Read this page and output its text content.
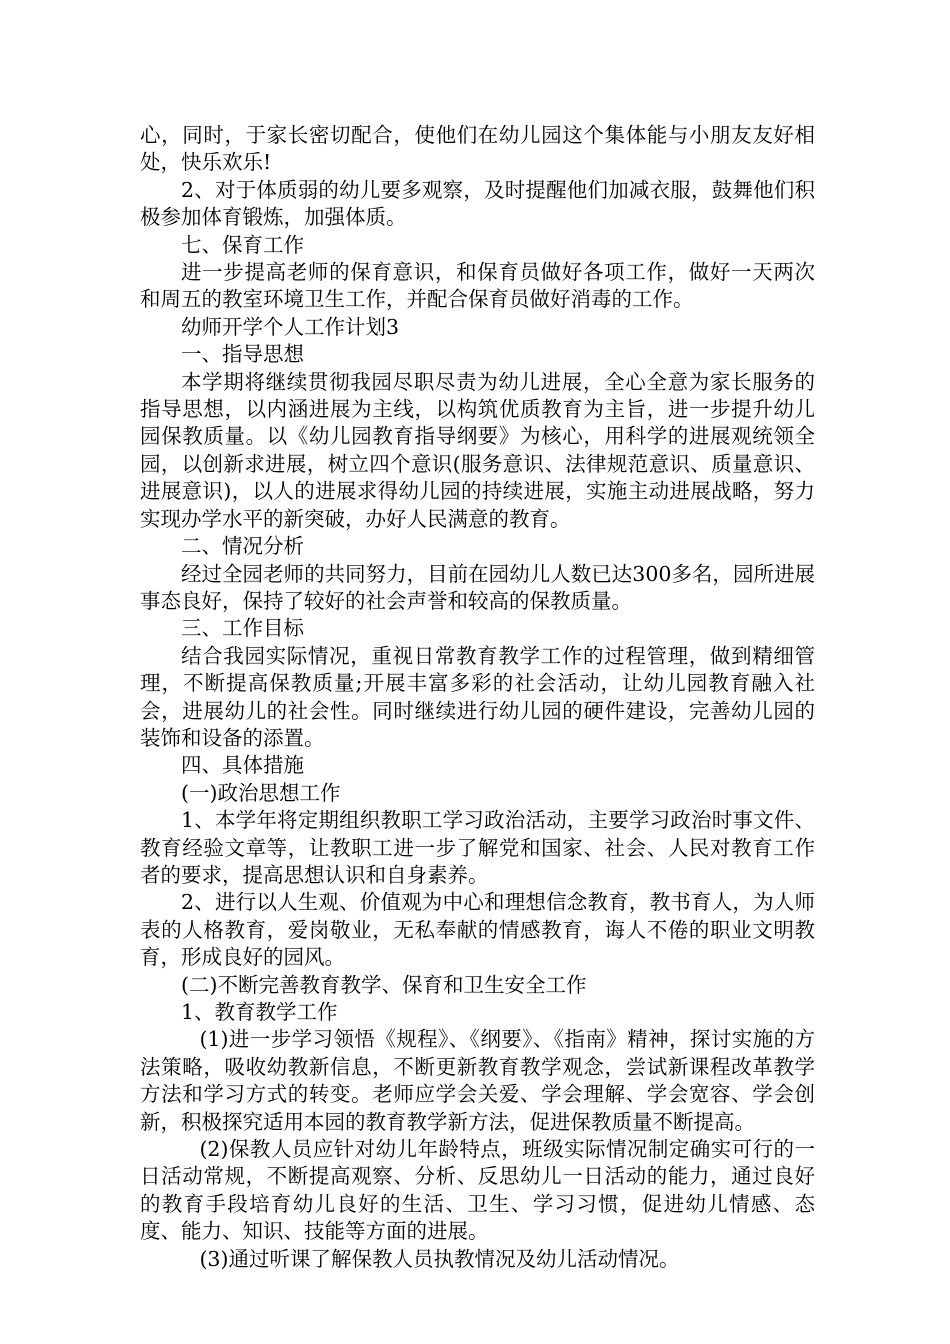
心，同时，于家长密切配合，使他们在幼儿园这个集体能与小朋友友好相处，快乐欢乐!

2、对于体质弱的幼儿要多观察，及时提醒他们加减衣服，鼓舞他们积极参加体育锻炼，加强体质。

七、保育工作

进一步提高老师的保育意识，和保育员做好各项工作，做好一天两次和周五的教室环境卫生工作，并配合保育员做好消毒的工作。

幼师开学个人工作计划3

一、指导思想

本学期将继续贯彻我园尽职尽责为幼儿进展，全心全意为家长服务的指导思想，以内涵进展为主线，以构筑优质教育为主旨，进一步提升幼儿园保教质量。以《幼儿园教育指导纲要》为核心，用科学的进展观统领全园，以创新求进展，树立四个意识(服务意识、法律规范意识、质量意识、进展意识)，以人的进展求得幼儿园的持续进展，实施主动进展战略，努力实现办学水平的新突破，办好人民满意的教育。

二、情况分析

经过全园老师的共同努力，目前在园幼儿人数已达300多名，园所进展事态良好，保持了较好的社会声誉和较高的保教质量。

三、工作目标

结合我园实际情况，重视日常教育教学工作的过程管理，做到精细管理，不断提高保教质量;开展丰富多彩的社会活动，让幼儿园教育融入社会，进展幼儿的社会性。同时继续进行幼儿园的硬件建设，完善幼儿园的装饰和设备的添置。

四、具体措施

(一)政治思想工作

1、本学年将定期组织教职工学习政治活动，主要学习政治时事文件、教育经验文章等，让教职工进一步了解党和国家、社会、人民对教育工作者的要求，提高思想认识和自身素养。

2、进行以人生观、价值观为中心和理想信念教育，教书育人，为人师表的人格教育，爱岗敬业，无私奉献的情感教育，诲人不倦的职业文明教育，形成良好的园风。

(二)不断完善教育教学、保育和卫生安全工作

1、教育教学工作

(1)进一步学习领悟《规程》、《纲要》、《指南》精神，探讨实施的方法策略，吸收幼教新信息，不断更新教育教学观念，尝试新课程改革教学方法和学习方式的转变。老师应学会关爱、学会理解、学会宽容、学会创新，积极探究适用本园的教育教学新方法，促进保教质量不断提高。

(2)保教人员应针对幼儿年龄特点，班级实际情况制定确实可行的一日活动常规，不断提高观察、分析、反思幼儿一日活动的能力，通过良好的教育手段培育幼儿良好的生活、卫生、学习习惯，促进幼儿情感、态度、能力、知识、技能等方面的进展。

(3)通过听课了解保教人员执教情况及幼儿活动情况。
